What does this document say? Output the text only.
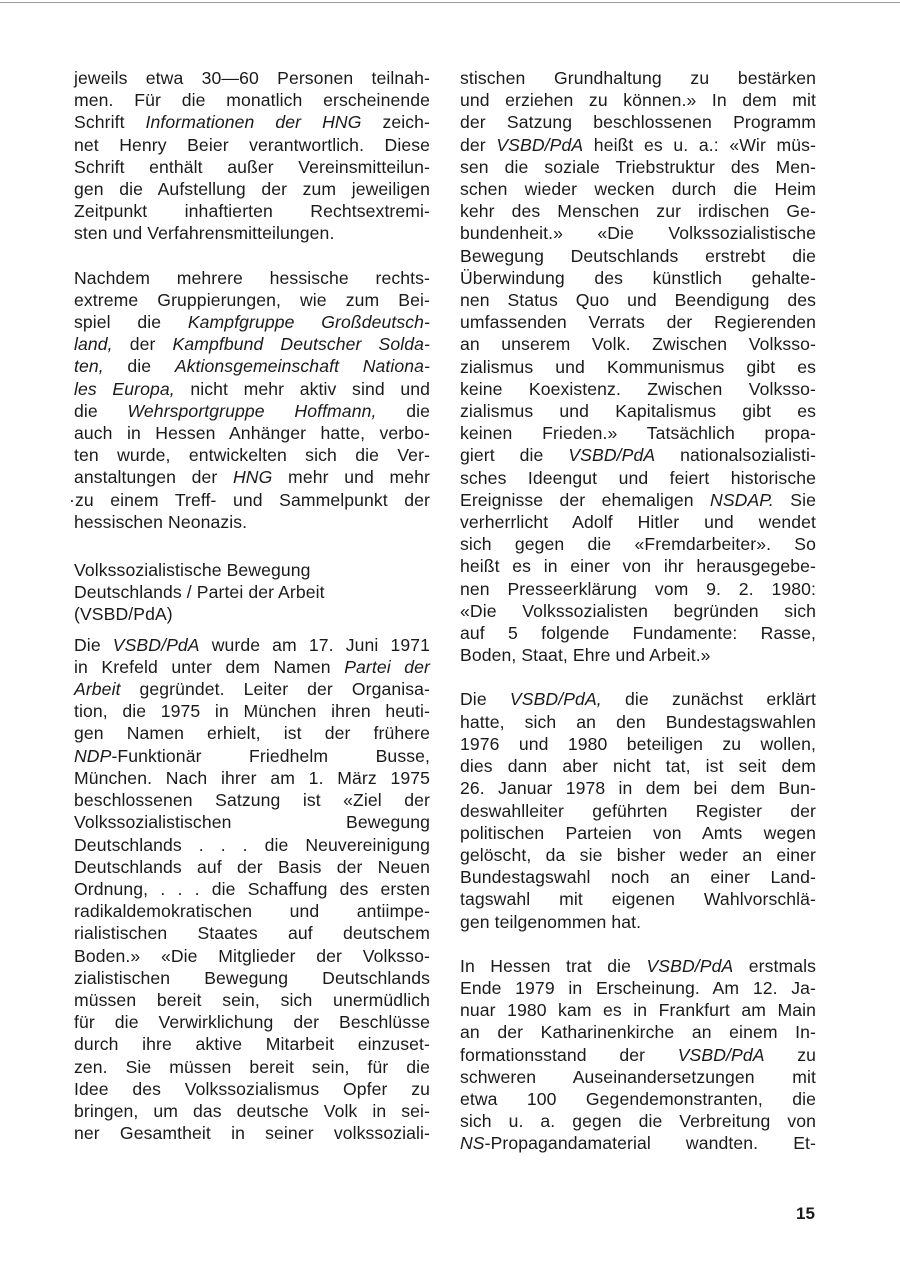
jeweils etwa 30—60 Personen teilnah-
men. Für die monatlich erscheinende
Schrift Informationen der HNG zeich-
net Henry Beier verantwortlich. Diese
Schrift enthält außer Vereinsmitteilun-
gen die Aufstellung der zum jeweiligen
Zeitpunkt inhaftierten Rechtsextremi-
sten und Verfahrensmitteilungen.
Nachdem mehrere hessische rechts-
extreme Gruppierungen, wie zum Bei-
spiel die Kampfgruppe Großdeutsch-
land, der Kampfbund Deutscher Solda-
ten, die Aktionsgemeinschaft Nationa-
les Europa, nicht mehr aktiv sind und
die Wehrsportgruppe Hoffmann, die
auch in Hessen Anhänger hatte, verbo-
ten wurde, entwickelten sich die Ver-
anstaltungen der HNG mehr und mehr
·zu einem Treff- und Sammelpunkt der
hessischen Neonazis.
Volkssozialistische Bewegung
Deutschlands / Partei der Arbeit
(VSBD/PdA)
Die VSBD/PdA wurde am 17. Juni 1971
in Krefeld unter dem Namen Partei der
Arbeit gegründet. Leiter der Organisa-
tion, die 1975 in München ihren heuti-
gen Namen erhielt, ist der frühere
NDP-Funktionär Friedhelm Busse,
München. Nach ihrer am 1. März 1975
beschlossenen Satzung ist «Ziel der
Volkssozialistischen Bewegung
Deutschlands . . . die Neuvereinigung
Deutschlands auf der Basis der Neuen
Ordnung, . . . die Schaffung des ersten
radikaldemokratischen und antiimpe-
rialistischen Staates auf deutschem
Boden.» «Die Mitglieder der Volksso-
zialistischen Bewegung Deutschlands
müssen bereit sein, sich unermüdlich
für die Verwirklichung der Beschlüsse
durch ihre aktive Mitarbeit einzuset-
zen. Sie müssen bereit sein, für die
Idee des Volkssozialismus Opfer zu
bringen, um das deutsche Volk in sei-
ner Gesamtheit in seiner volkssoziali-
stischen Grundhaltung zu bestärken
und erziehen zu können.» In dem mit
der Satzung beschlossenen Programm
der VSBD/PdA heißt es u. a.: «Wir müs-
sen die soziale Triebstruktur des Men-
schen wieder wecken durch die Heim
kehr des Menschen zur irdischen Ge-
bundenheit.» «Die Volkssozialistische
Bewegung Deutschlands erstrebt die
Überwindung des künstlich gehalte-
nen Status Quo und Beendigung des
umfassenden Verrats der Regierenden
an unserem Volk. Zwischen Volksso-
zialismus und Kommunismus gibt es
keine Koexistenz. Zwischen Volksso-
zialismus und Kapitalismus gibt es
keinen Frieden.» Tatsächlich propa-
giert die VSBD/PdA nationalsozialisti-
sches Ideengut und feiert historische
Ereignisse der ehemaligen NSDAP. Sie
verherrlicht Adolf Hitler und wendet
sich gegen die «Fremdarbeiter». So
heißt es in einer von ihr herausgegebe-
nen Presseerklärung vom 9. 2. 1980:
«Die Volkssozialisten begründen sich
auf 5 folgende Fundamente: Rasse,
Boden, Staat, Ehre und Arbeit.»
Die VSBD/PdA, die zunächst erklärt
hatte, sich an den Bundestagswahlen
1976 und 1980 beteiligen zu wollen,
dies dann aber nicht tat, ist seit dem
26. Januar 1978 in dem bei dem Bun-
deswahlleiter geführten Register der
politischen Parteien von Amts wegen
gelöscht, da sie bisher weder an einer
Bundestagswahl noch an einer Land-
tagswahl mit eigenen Wahlvorschlä-
gen teilgenommen hat.
In Hessen trat die VSBD/PdA erstmals
Ende 1979 in Erscheinung. Am 12. Ja-
nuar 1980 kam es in Frankfurt am Main
an der Katharinenkirche an einem In-
formationsstand der VSBD/PdA zu
schweren Auseinandersetzungen mit
etwa 100 Gegendemonstranten, die
sich u. a. gegen die Verbreitung von
NS-Propagandamaterial wandten. Et-
15
